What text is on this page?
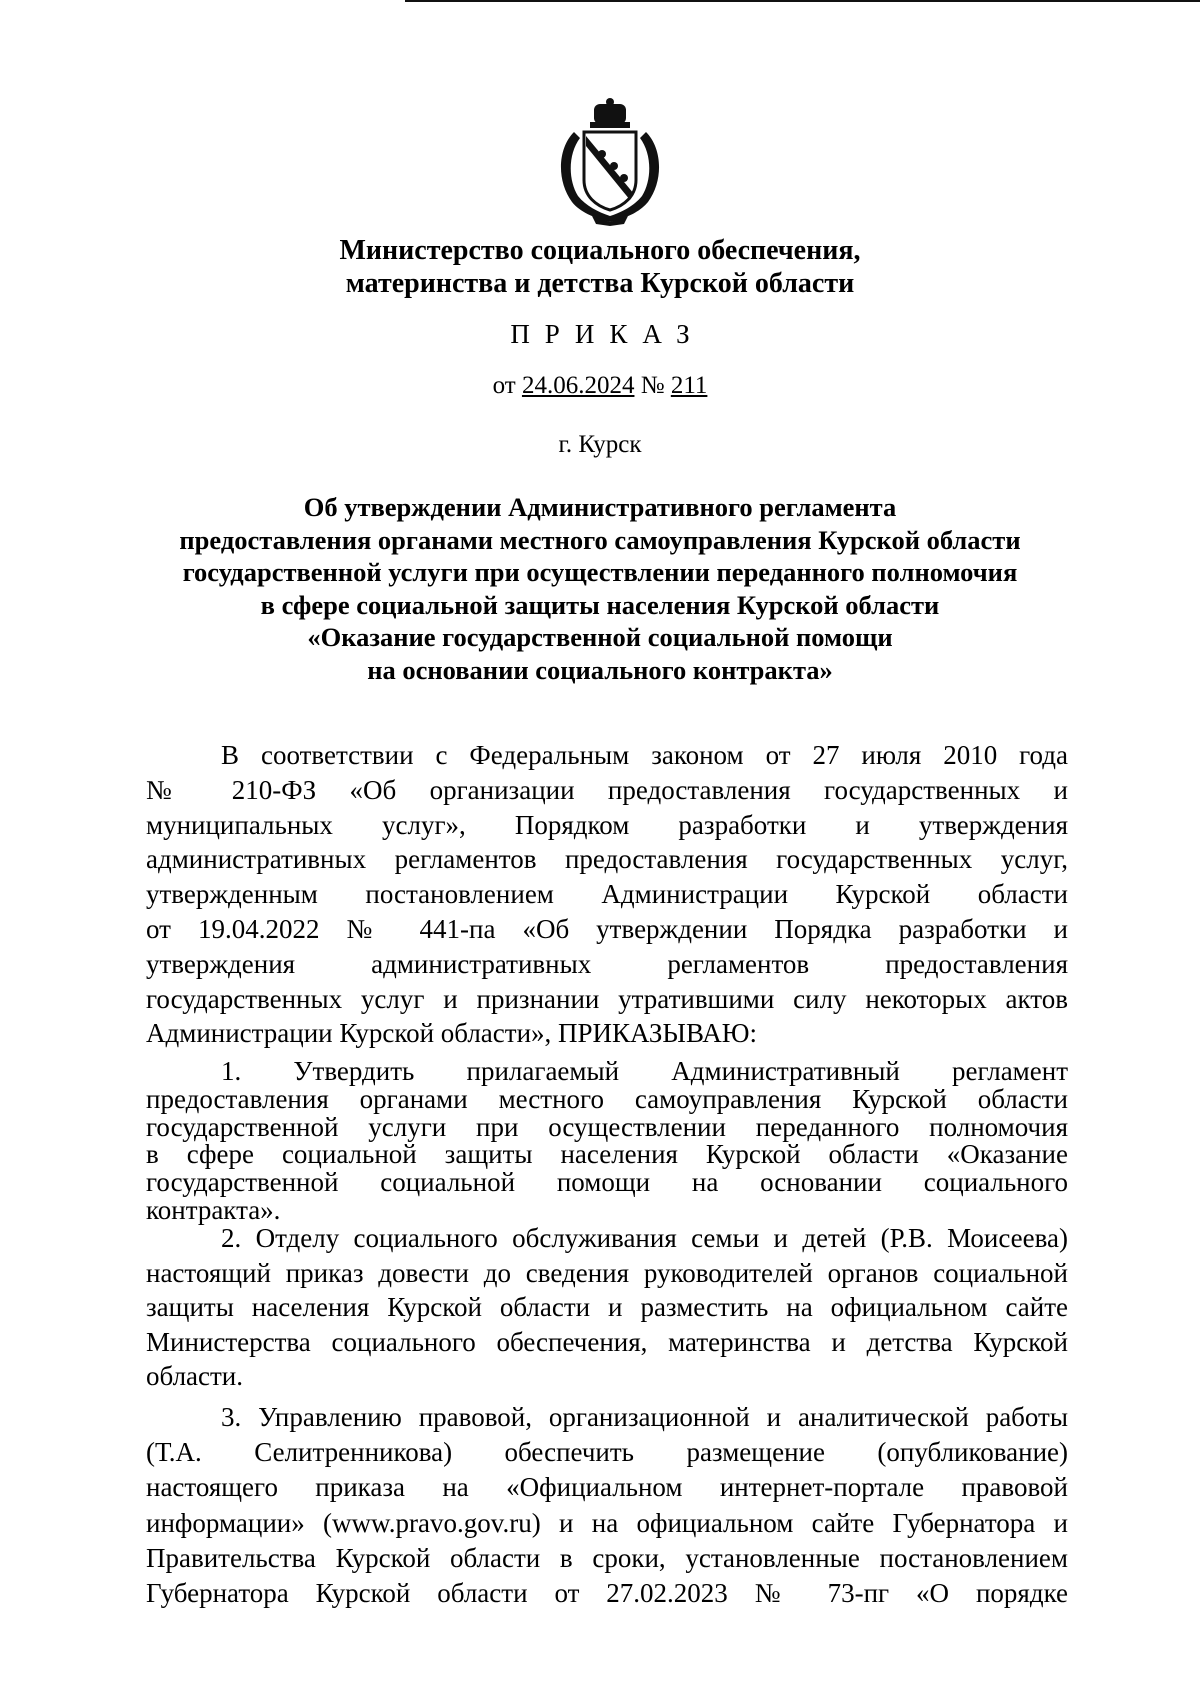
Министерство социального обеспечения,
материнства и детства Курской области
ПРИКАЗ
от 24.06.2024 № 211
г. Курск
Об утверждении Административного регламента
предоставления органами местного самоуправления Курской области
государственной услуги при осуществлении переданного полномочия
в сфере социальной защиты населения Курской области
«Оказание государственной социальной помощи
на основании социального контракта»
В соответствии с Федеральным законом от 27 июля 2010 года
№ 210-ФЗ «Об организации предоставления государственных и
муниципальных услуг», Порядком разработки и утверждения
административных регламентов предоставления государственных услуг,
утвержденным постановлением Администрации Курской области
от 19.04.2022 № 441-па «Об утверждении Порядка разработки и
утверждения административных регламентов предоставления
государственных услуг и признании утратившими силу некоторых актов
Администрации Курской области», ПРИКАЗЫВАЮ:
1. Утвердить прилагаемый Административный регламент
предоставления органами местного самоуправления Курской области
государственной услуги при осуществлении переданного полномочия
в сфере социальной защиты населения Курской области «Оказание
государственной социальной помощи на основании социального
контракта».
2. Отделу социального обслуживания семьи и детей (Р.В. Моисеева)
настоящий приказ довести до сведения руководителей органов социальной
защиты населения Курской области и разместить на официальном сайте
Министерства социального обеспечения, материнства и детства Курской
области.
3. Управлению правовой, организационной и аналитической работы
(Т.А. Селитренникова) обеспечить размещение (опубликование)
настоящего приказа на «Официальном интернет-портале правовой
информации» (www.pravo.gov.ru) и на официальном сайте Губернатора и
Правительства Курской области в сроки, установленные постановлением
Губернатора Курской области от 27.02.2023 № 73-пг «О порядке
